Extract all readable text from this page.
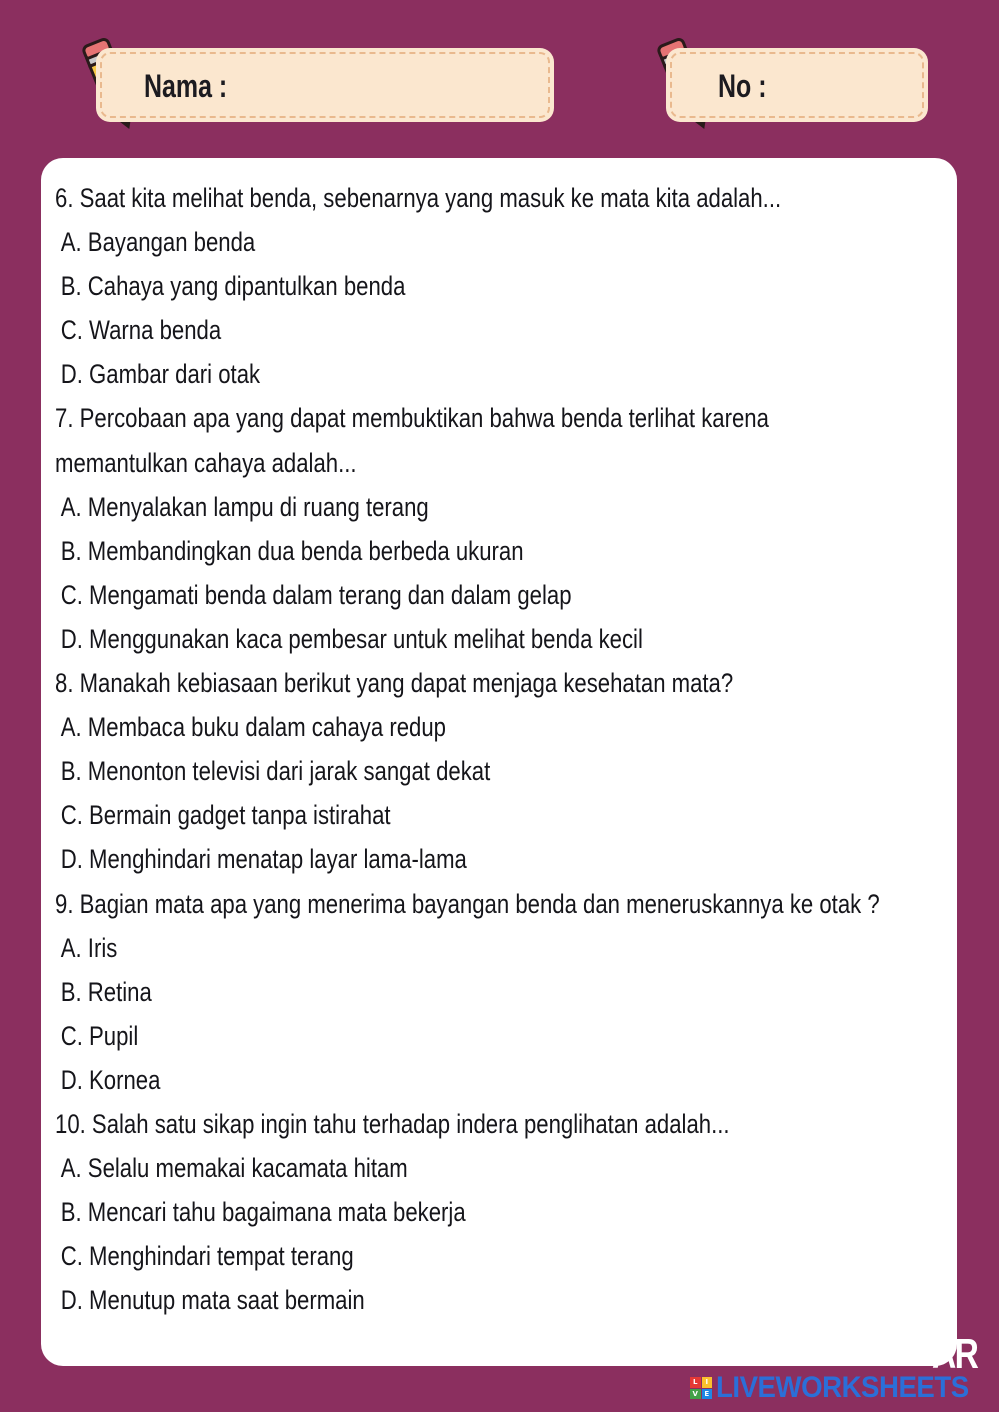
Nama :	No :
6. Saat kita melihat benda, sebenarnya yang masuk ke mata kita adalah...
A. Bayangan benda
B. Cahaya yang dipantulkan benda
C. Warna benda
D. Gambar dari otak
7. Percobaan apa yang dapat membuktikan bahwa benda terlihat karena
memantulkan cahaya adalah...
A. Menyalakan lampu di ruang terang
B. Membandingkan dua benda berbeda ukuran
C. Mengamati benda dalam terang dan dalam gelap
D. Menggunakan kaca pembesar untuk melihat benda kecil
8. Manakah kebiasaan berikut yang dapat menjaga kesehatan mata?
A. Membaca buku dalam cahaya redup
B. Menonton televisi dari jarak sangat dekat
C. Bermain gadget tanpa istirahat
D. Menghindari menatap layar lama-lama
9. Bagian mata apa yang menerima bayangan benda dan meneruskannya ke otak ?
A. Iris
B. Retina
C. Pupil
D. Kornea
10. Salah satu sikap ingin tahu terhadap indera penglihatan adalah...
A. Selalu memakai kacamata hitam
B. Mencari tahu bagaimana mata bekerja
C. Menghindari tempat terang
D. Menutup mata saat bermain
AR
L	I
V E LIVEWORKSHEETS
